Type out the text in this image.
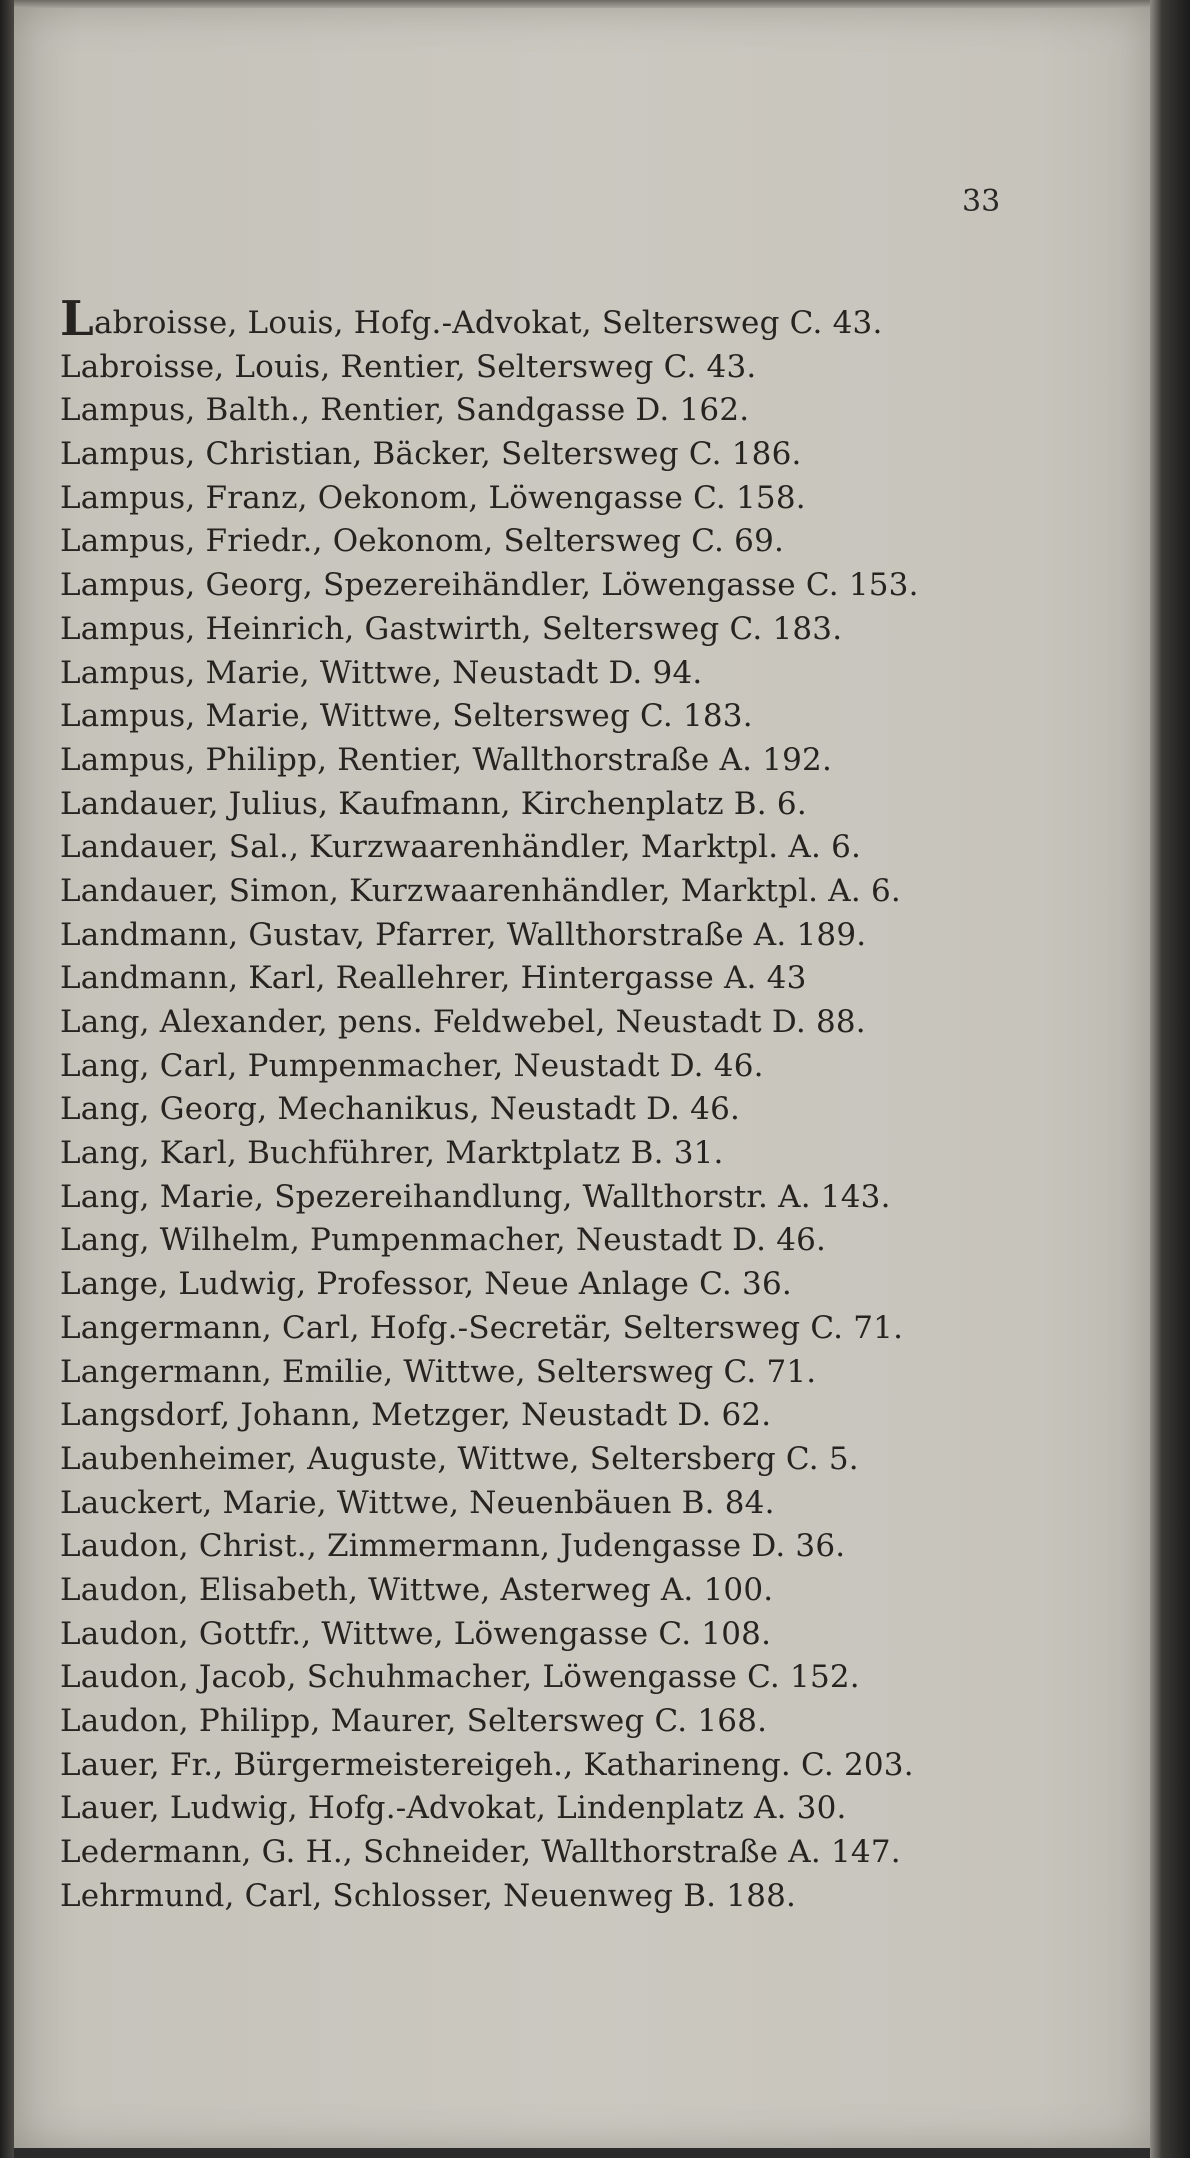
33
Labroisse, Louis, Hofg.-Advokat, Seltersweg C. 43.
Labroisse, Louis, Rentier, Seltersweg C. 43.
Lampus, Balth., Rentier, Sandgasse D. 162.
Lampus, Christian, Bäcker, Seltersweg C. 186.
Lampus, Franz, Oekonom, Löwengasse C. 158.
Lampus, Friedr., Oekonom, Seltersweg C. 69.
Lampus, Georg, Spezereihändler, Löwengasse C. 153.
Lampus, Heinrich, Gastwirth, Seltersweg C. 183.
Lampus, Marie, Wittwe, Neustadt D. 94.
Lampus, Marie, Wittwe, Seltersweg C. 183.
Lampus, Philipp, Rentier, Wallthorstraße A. 192.
Landauer, Julius, Kaufmann, Kirchenplatz B. 6.
Landauer, Sal., Kurzwaarenhändler, Marktpl. A. 6.
Landauer, Simon, Kurzwaarenhändler, Marktpl. A. 6.
Landmann, Gustav, Pfarrer, Wallthorstraße A. 189.
Landmann, Karl, Reallehrer, Hintergasse A. 43
Lang, Alexander, pens. Feldwebel, Neustadt D. 88.
Lang, Carl, Pumpenmacher, Neustadt D. 46.
Lang, Georg, Mechanikus, Neustadt D. 46.
Lang, Karl, Buchführer, Marktplatz B. 31.
Lang, Marie, Spezereihandlung, Wallthorstr. A. 143.
Lang, Wilhelm, Pumpenmacher, Neustadt D. 46.
Lange, Ludwig, Professor, Neue Anlage C. 36.
Langermann, Carl, Hofg.-Secretär, Seltersweg C. 71.
Langermann, Emilie, Wittwe, Seltersweg C. 71.
Langsdorf, Johann, Metzger, Neustadt D. 62.
Laubenheimer, Auguste, Wittwe, Seltersberg C. 5.
Lauckert, Marie, Wittwe, Neuenbäuen B. 84.
Laudon, Christ., Zimmermann, Judengasse D. 36.
Laudon, Elisabeth, Wittwe, Asterweg A. 100.
Laudon, Gottfr., Wittwe, Löwengasse C. 108.
Laudon, Jacob, Schuhmacher, Löwengasse C. 152.
Laudon, Philipp, Maurer, Seltersweg C. 168.
Lauer, Fr., Bürgermeistereigeh., Katharineng. C. 203.
Lauer, Ludwig, Hofg.-Advokat, Lindenplatz A. 30.
Ledermann, G. H., Schneider, Wallthorstraße A. 147.
Lehrmund, Carl, Schlosser, Neuenweg B. 188.
